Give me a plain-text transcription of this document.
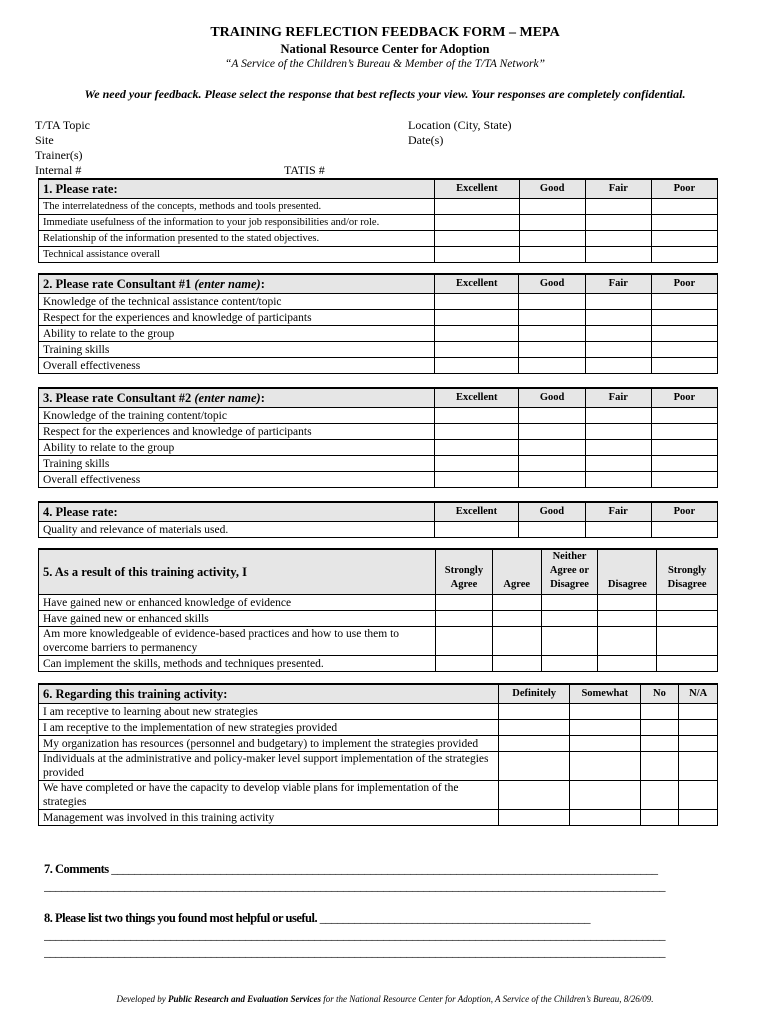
TRAINING REFLECTION FEEDBACK FORM – MEPA
National Resource Center for Adoption
“A Service of the Children’s Bureau & Member of the T/TA Network”
We need your feedback. Please select the response that best reflects your view. Your responses are completely confidential.
T/TA Topic
Site
Trainer(s)
Internal #	TATIS #
Location (City, State)
Date(s)
1. Please rate:	Excellent	Good	Fair	Poor
The interrelatedness of the concepts, methods and tools presented.				
Immediate usefulness of the information to your job responsibilities and/or role.				
Relationship of the information presented to the stated objectives.				
Technical assistance overall				
2. Please rate Consultant #1 (enter name):	Excellent	Good	Fair	Poor
Knowledge of the technical assistance content/topic				
Respect for the experiences and knowledge of participants				
Ability to relate to the group				
Training skills				
Overall effectiveness				
3. Please rate Consultant #2 (enter name):	Excellent	Good	Fair	Poor
Knowledge of the training content/topic				
Respect for the experiences and knowledge of participants				
Ability to relate to the group				
Training skills				
Overall effectiveness				
4. Please rate:	Excellent	Good	Fair	Poor
Quality and relevance of materials used.				
5. As a result of this training activity, I	Strongly Agree	Agree	Neither Agree or Disagree	Disagree	Strongly Disagree
Have gained new or enhanced knowledge of evidence					
Have gained new or enhanced skills					
Am more knowledgeable of evidence-based practices and how to use them to overcome barriers to permanency					
Can implement the skills, methods and techniques presented.					
6. Regarding this training activity:	Definitely	Somewhat	No	N/A
I am receptive to learning about new strategies				
I am receptive to the implementation of new strategies provided				
My organization has resources (personnel and budgetary) to implement the strategies provided				
Individuals at the administrative and policy-maker level support implementation of the strategies provided				
We have completed or have the capacity to develop viable plans for implementation of the strategies				
Management was involved in this training activity				
7. Comments _______________________________________________________________________________________________
____________________________________________________________________________________________________________
8. Please list two things you found most helpful or useful. _______________________________________________
____________________________________________________________________________________________________________
____________________________________________________________________________________________________________
Developed by Public Research and Evaluation Services for the National Resource Center for Adoption, A Service of the Children’s Bureau, 8/26/09.
